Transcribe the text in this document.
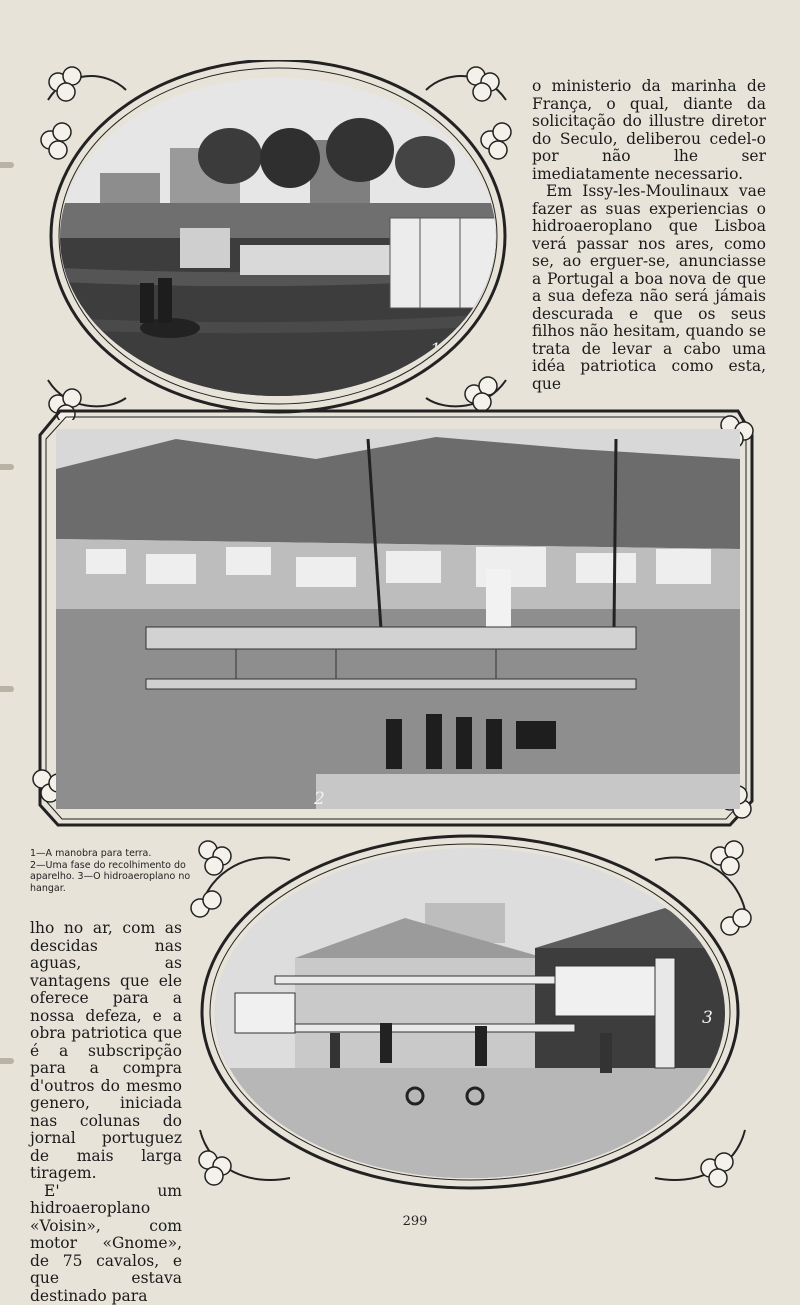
1
2
3

o ministerio da marinha de França, o qual, diante da solicitação do illustre diretor do Seculo, deliberou cedel-o por não lhe ser imediatamente necessario.

Em Issy-les-Moulinaux vae fazer as suas experiencias o hidroaeroplano que Lisboa verá passar nos ares, como se, ao erguer-se, anunciasse a Portugal a boa nova de que a sua defeza não será jámais descurada e que os seus filhos não hesitam, quando se trata de levar a cabo uma idéa patriotica como esta, que

1—A manobra para terra.
2—Uma fase do recolhimento do aparelho. 3—O hidroaeroplano no hangar.

lho no ar, com as descidas nas aguas, as vantagens que ele oferece para a nossa defeza, e a obra patriotica que é a subscripção para a compra d'outros do mesmo genero, iniciada nas colunas do jornal portuguez de mais larga tiragem.

E' um hidroaeroplano «Voisin», com motor «Gnome», de 75 cavalos, e que estava destinado para

299
